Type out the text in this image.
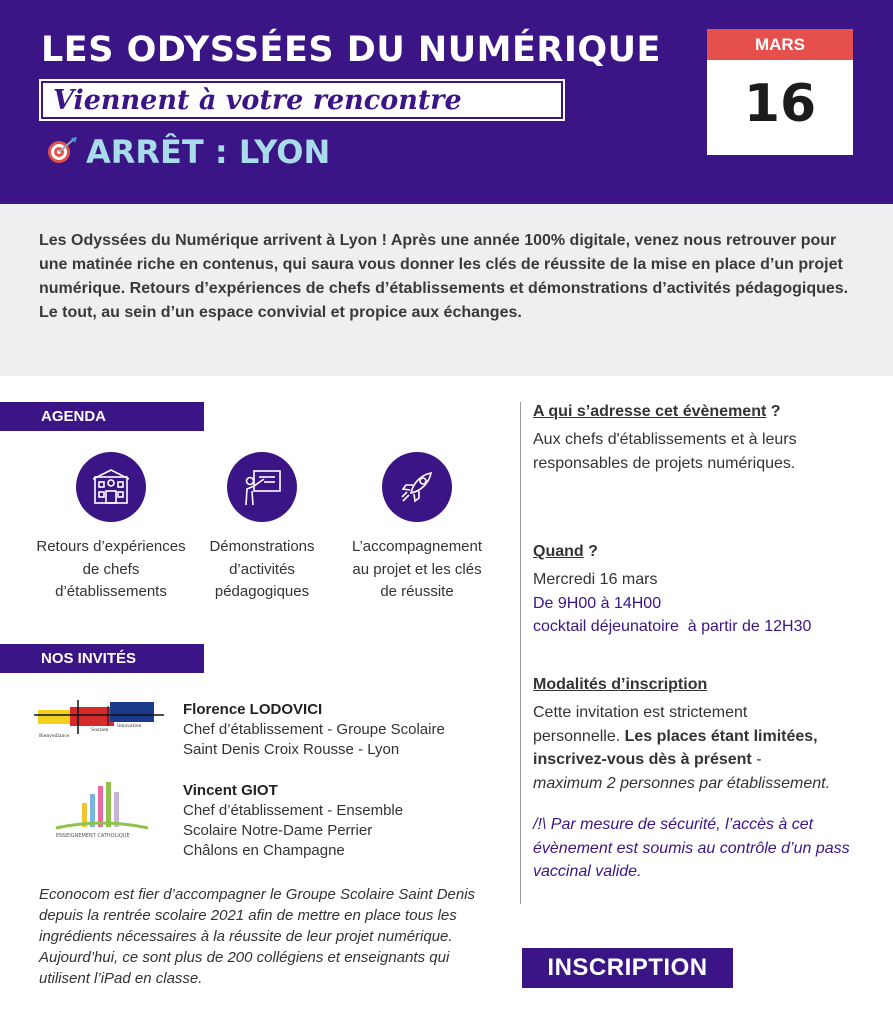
LES ODYSSÉES DU NUMÉRIQUE
Viennent à votre rencontre
ARRÊT : LYON
MARS
16

Les Odyssées du Numérique arrivent à Lyon ! Après une année 100% digitale, venez nous retrouver pour une matinée riche en contenus, qui saura vous donner les clés de réussite de la mise en place d’un projet numérique. Retours d’expériences de chefs d’établissements et démonstrations d’activités pédagogiques. Le tout, au sein d’un espace convivial et propice aux échanges.

AGENDA
Retours d’expériences de chefs d’établissements
Démonstrations d’activités pédagogiques
L’accompagnement au projet et les clés de réussite
NOS INVITÉS
Bienveillance
Soutien
Innovation
Florence LODOVICI
Chef d’établissement - Groupe Scolaire
Saint Denis Croix Rousse - Lyon
ENSEIGNEMENT CATHOLIQUE
Vincent GIOT
Chef d’établissement - Ensemble
Scolaire Notre-Dame Perrier
Châlons en Champagne

Econocom est fier d’accompagner le Groupe Scolaire Saint Denis depuis la rentrée scolaire 2021 afin de mettre en place tous les ingrédients nécessaires à la réussite de leur projet numérique. Aujourd’hui, ce sont plus de 200 collégiens et enseignants qui utilisent l’iPad en classe.

A qui s’adresse cet évènement ?
Aux chefs d'établissements et à leurs responsables de projets numériques.
Quand ?
Mercredi 16 mars
De 9H00 à 14H00
cocktail déjeunatoire  à partir de 12H30
Modalités d’inscription
Cette invitation est strictement personnelle. Les places étant limitées, inscrivez-vous dès à présent - maximum 2 personnes par établissement.
/!\ Par mesure de sécurité, l’accès à cet évènement est soumis au contrôle d’un pass vaccinal valide.
INSCRIPTION
